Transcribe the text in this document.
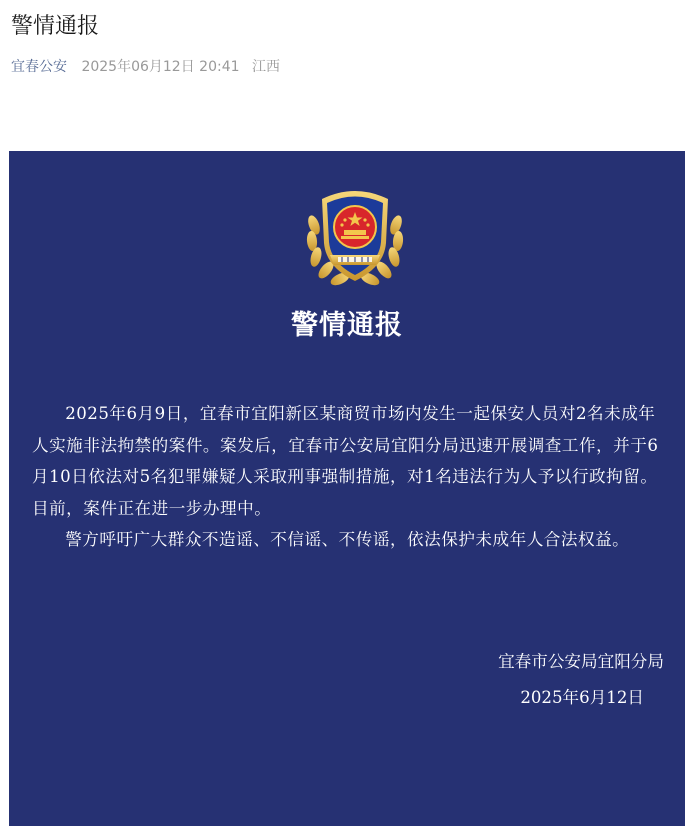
警情通报
宜春公安 2025年06月12日 20:41 江西
警情通报

2025年6月9日，宜春市宜阳新区某商贸市场内发生一起保安人员对2名未成年人实施非法拘禁的案件。案发后，宜春市公安局宜阳分局迅速开展调查工作，并于6月10日依法对5名犯罪嫌疑人采取刑事强制措施，对1名违法行为人予以行政拘留。目前，案件正在进一步办理中。

警方呼吁广大群众不造谣、不信谣、不传谣，依法保护未成年人合法权益。

宜春市公安局宜阳分局
2025年6月12日
